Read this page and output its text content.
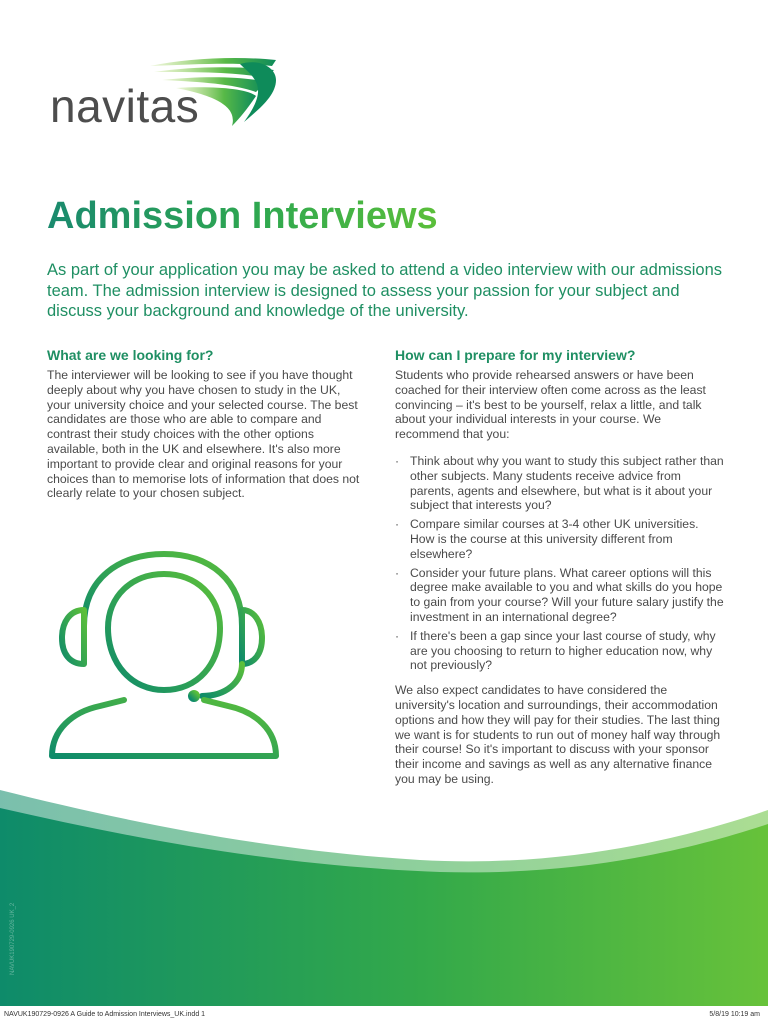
navitas
Admission Interviews
As part of your application you may be asked to attend a video interview with our admissions team. The admission interview is designed to assess your passion for your subject and discuss your background and knowledge of the university.
What are we looking for?
The interviewer will be looking to see if you have thought deeply about why you have chosen to study in the UK, your university choice and your selected course. The best candidates are those who are able to compare and contrast their study choices with the other options available, both in the UK and elsewhere. It's also more important to provide clear and original reasons for your choices than to memorise lots of information that does not clearly relate to your chosen subject.
How can I prepare for my interview?
Students who provide rehearsed answers or have been coached for their interview often come across as the least convincing – it's best to be yourself, relax a little, and talk about your individual interests in your course. We recommend that you:
· Think about why you want to study this subject rather than other subjects. Many students receive advice from parents, agents and elsewhere, but what is it about your subject that interests you?
· Compare similar courses at 3-4 other UK universities. How is the course at this university different from elsewhere?
· Consider your future plans. What career options will this degree make available to you and what skills do you hope to gain from your course? Will your future salary justify the investment in an international degree?
· If there's been a gap since your last course of study, why are you choosing to return to higher education now, why not previously?
We also expect candidates to have considered the university's location and surroundings, their accommodation options and how they will pay for their studies. The last thing we want is for students to run out of money half way through their course! So it's important to discuss with your sponsor their income and savings as well as any alternative finance you may be using.
NAVUK190729-0926 UK_2
NAVUK190729-0926 A Guide to Admission Interviews_UK.indd 1	5/8/19 10:19 am
